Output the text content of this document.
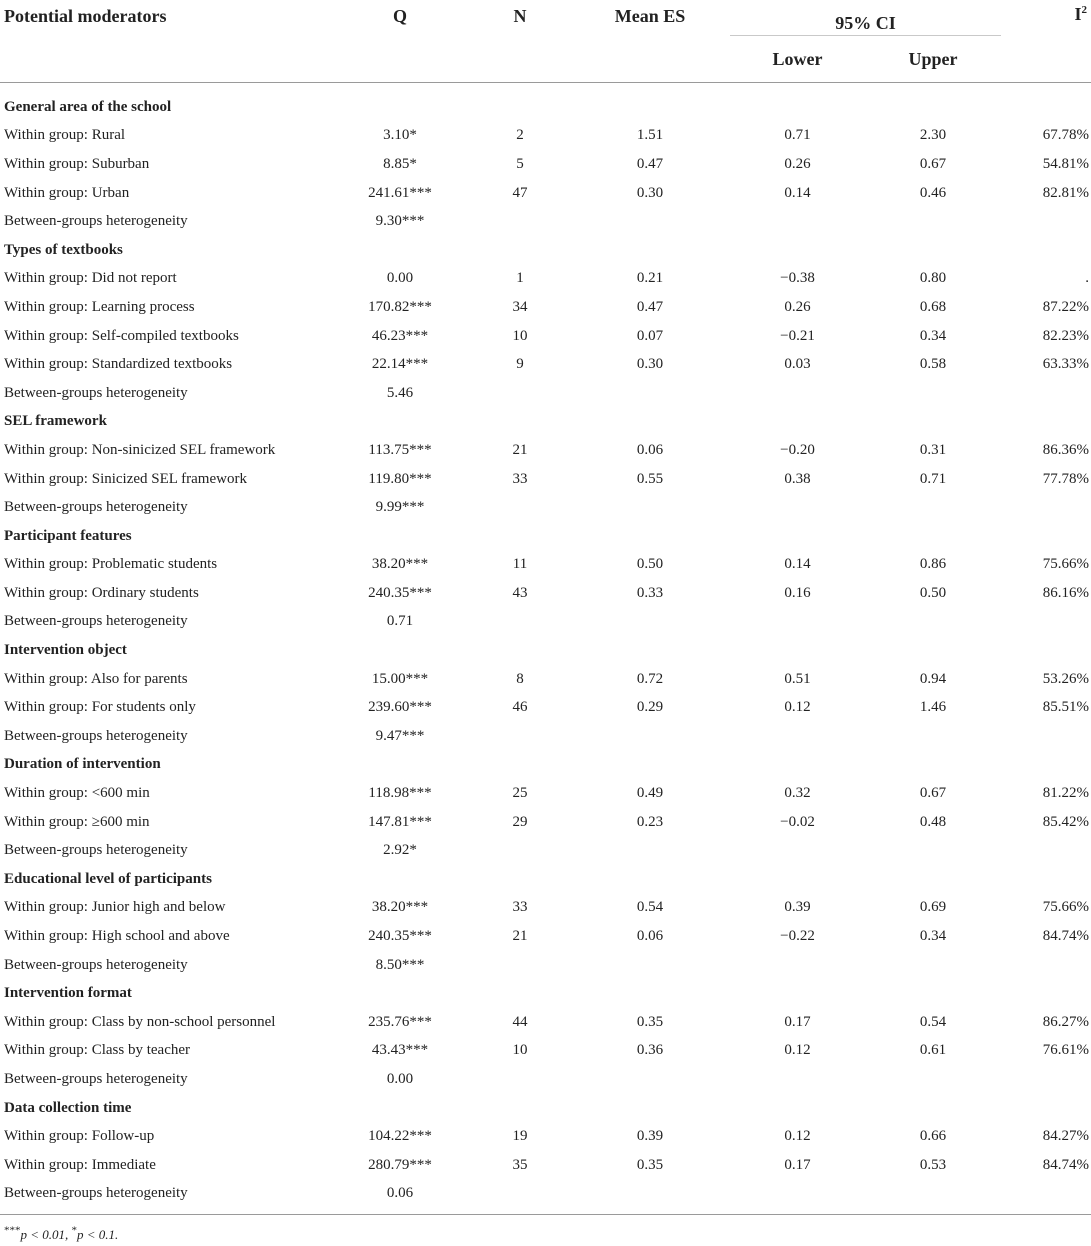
Potential moderators	Q	N	Mean ES	95% CI		$I^2$
				Lower	Upper	

General area of the school						
Within group: Rural	3.10*	2	1.51	0.71	2.30	67.78%
Within group: Suburban	8.85*	5	0.47	0.26	0.67	54.81%
Within group: Urban	241.61***	47	0.30	0.14	0.46	82.81%
Between-groups heterogeneity	9.30***					
Types of textbooks						
Within group: Did not report	0.00	1	0.21	−0.38	0.80	.
Within group: Learning process	170.82***	34	0.47	0.26	0.68	87.22%
Within group: Self-compiled textbooks	46.23***	10	0.07	−0.21	0.34	82.23%
Within group: Standardized textbooks	22.14***	9	0.30	0.03	0.58	63.33%
Between-groups heterogeneity	5.46					
SEL framework						
Within group: Non-sinicized SEL framework	113.75***	21	0.06	−0.20	0.31	86.36%
Within group: Sinicized SEL framework	119.80***	33	0.55	0.38	0.71	77.78%
Between-groups heterogeneity	9.99***					
Participant features						
Within group: Problematic students	38.20***	11	0.50	0.14	0.86	75.66%
Within group: Ordinary students	240.35***	43	0.33	0.16	0.50	86.16%
Between-groups heterogeneity	0.71					
Intervention object						
Within group: Also for parents	15.00***	8	0.72	0.51	0.94	53.26%
Within group: For students only	239.60***	46	0.29	0.12	1.46	85.51%
Between-groups heterogeneity	9.47***					
Duration of intervention						
Within group: <600 min	118.98***	25	0.49	0.32	0.67	81.22%
Within group: ≥600 min	147.81***	29	0.23	−0.02	0.48	85.42%
Between-groups heterogeneity	2.92*					
Educational level of participants						
Within group: Junior high and below	38.20***	33	0.54	0.39	0.69	75.66%
Within group: High school and above	240.35***	21	0.06	−0.22	0.34	84.74%
Between-groups heterogeneity	8.50***					
Intervention format						
Within group: Class by non-school personnel	235.76***	44	0.35	0.17	0.54	86.27%
Within group: Class by teacher	43.43***	10	0.36	0.12	0.61	76.61%
Between-groups heterogeneity	0.00					
Data collection time						
Within group: Follow-up	104.22***	19	0.39	0.12	0.66	84.27%
Within group: Immediate	280.79***	35	0.35	0.17	0.53	84.74%
Between-groups heterogeneity	0.06					
***p < 0.01, *p < 0.1.
